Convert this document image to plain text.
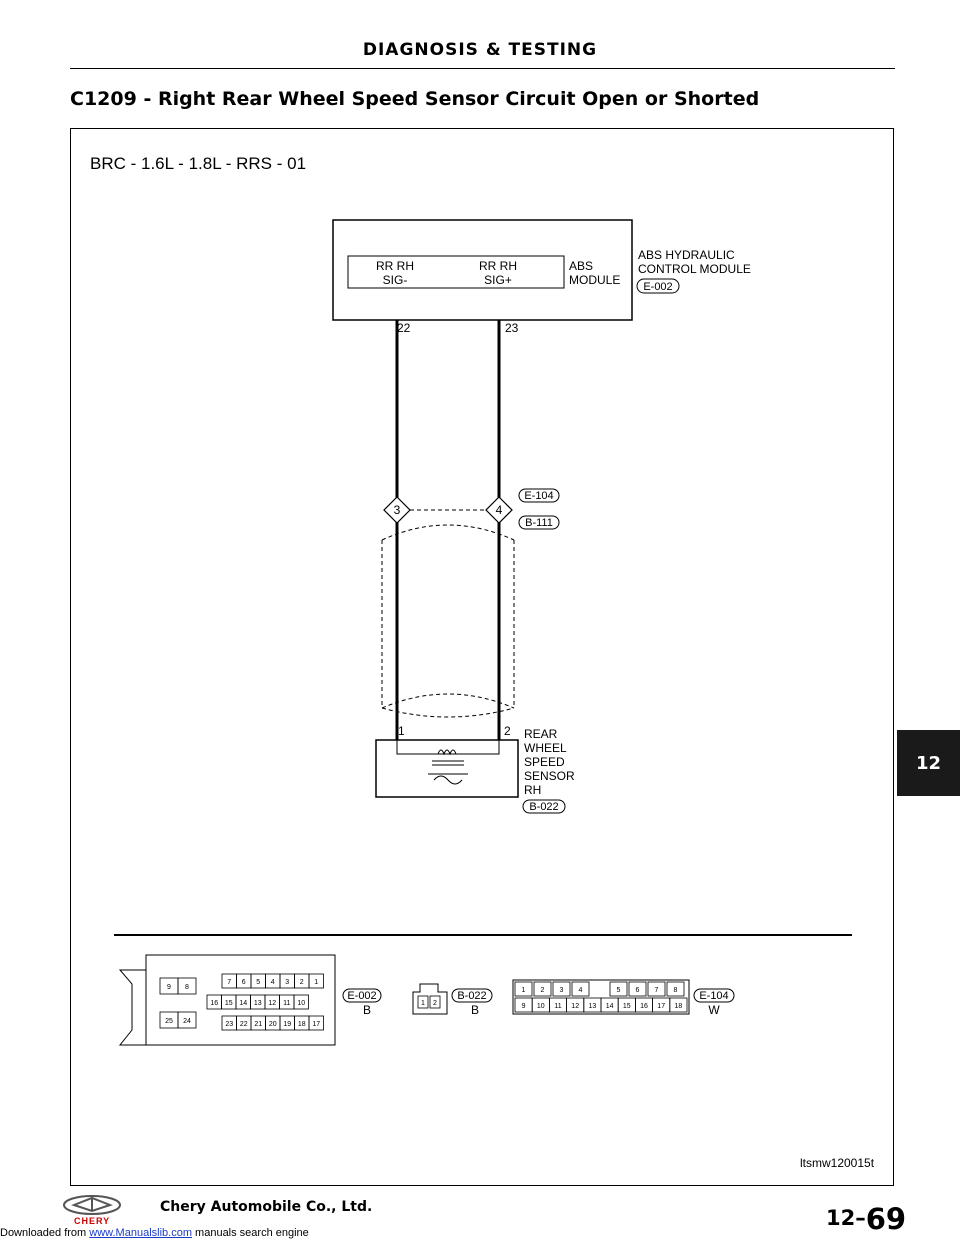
DIAGNOSIS & TESTING
C1209 - Right Rear Wheel Speed Sensor Circuit Open or Shorted
BRC - 1.6L - 1.8L - RRS - 01
RR RH
SIG-
RR RH
SIG+
ABS
MODULE
ABS HYDRAULIC
CONTROL MODULE
E-002
22	23
3	4
E-104
B-111
1	2 REAR
WHEEL
SPEED
SENSOR
RH
B-022
9 8
7 6 5 4 3 2 1
16 15 14 13 12 11 10
25 24	23 22 21 20 19 18 17
E-002
B	1 2
B-022
B
1 2 3 4	5 6 7 8
9 10 11 12 13 14 15 16 17 18
E-104
W
12
ltsmw120015t
CHERY
Chery Automobile Co., Ltd.	12–69
Downloaded from www.Manualslib.com manuals search engine
